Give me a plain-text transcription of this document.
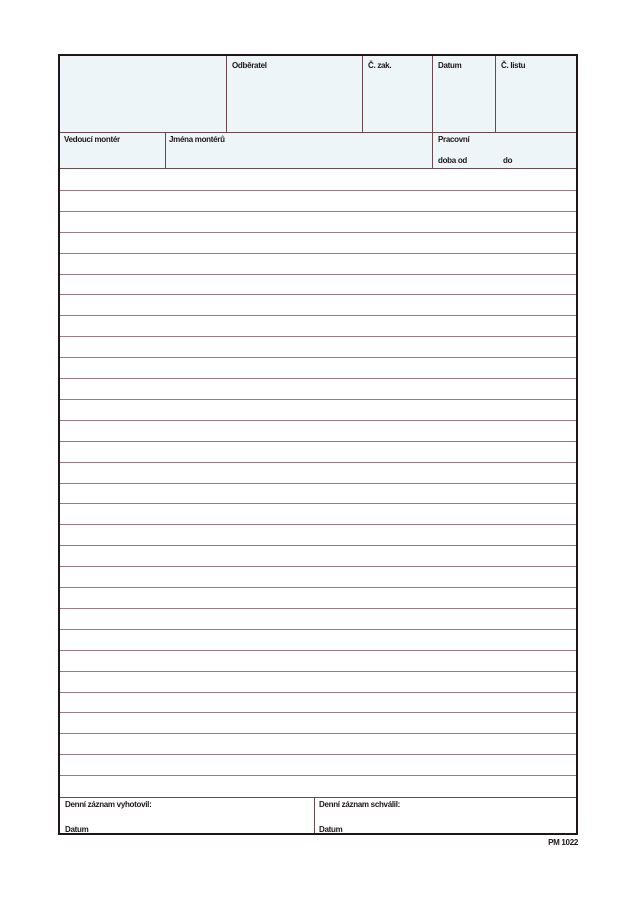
Odběratel	Č. zak.	Datum	Č. listu
Vedoucí montér	Jména montérů	Pracovní
doba od	do
Denní záznam vyhotovil:
Datum
Denní záznam schválil:
Datum
PM 1022
